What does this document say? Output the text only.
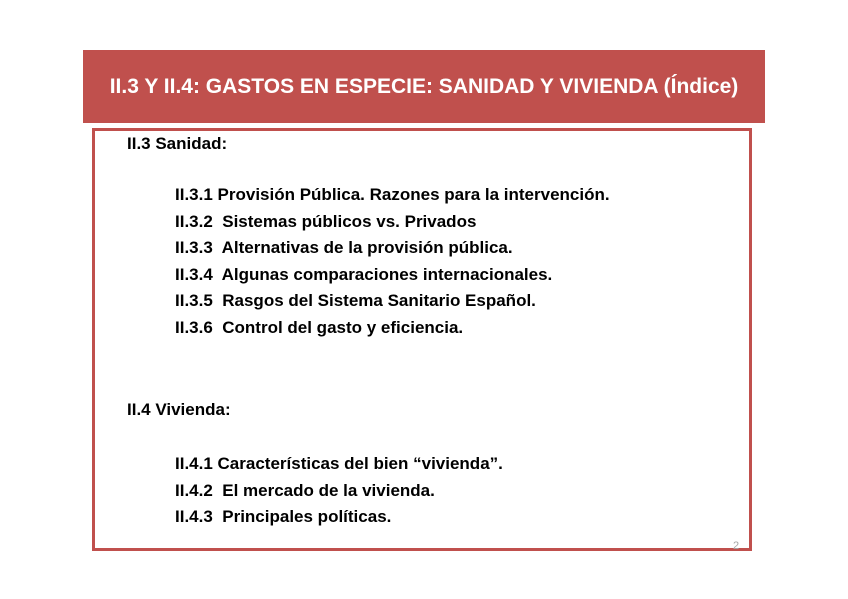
II.3 Y II.4: GASTOS EN ESPECIE: SANIDAD Y VIVIENDA (Índice)
II.3 Sanidad:
II.3.1 Provisión Pública. Razones para la intervención.
II.3.2  Sistemas públicos vs. Privados
II.3.3  Alternativas de la provisión pública.
II.3.4  Algunas comparaciones internacionales.
II.3.5  Rasgos del Sistema Sanitario Español.
II.3.6  Control del gasto y eficiencia.
II.4 Vivienda:
II.4.1 Características del bien “vivienda”.
II.4.2  El mercado de la vivienda.
II.4.3  Principales políticas.
2
